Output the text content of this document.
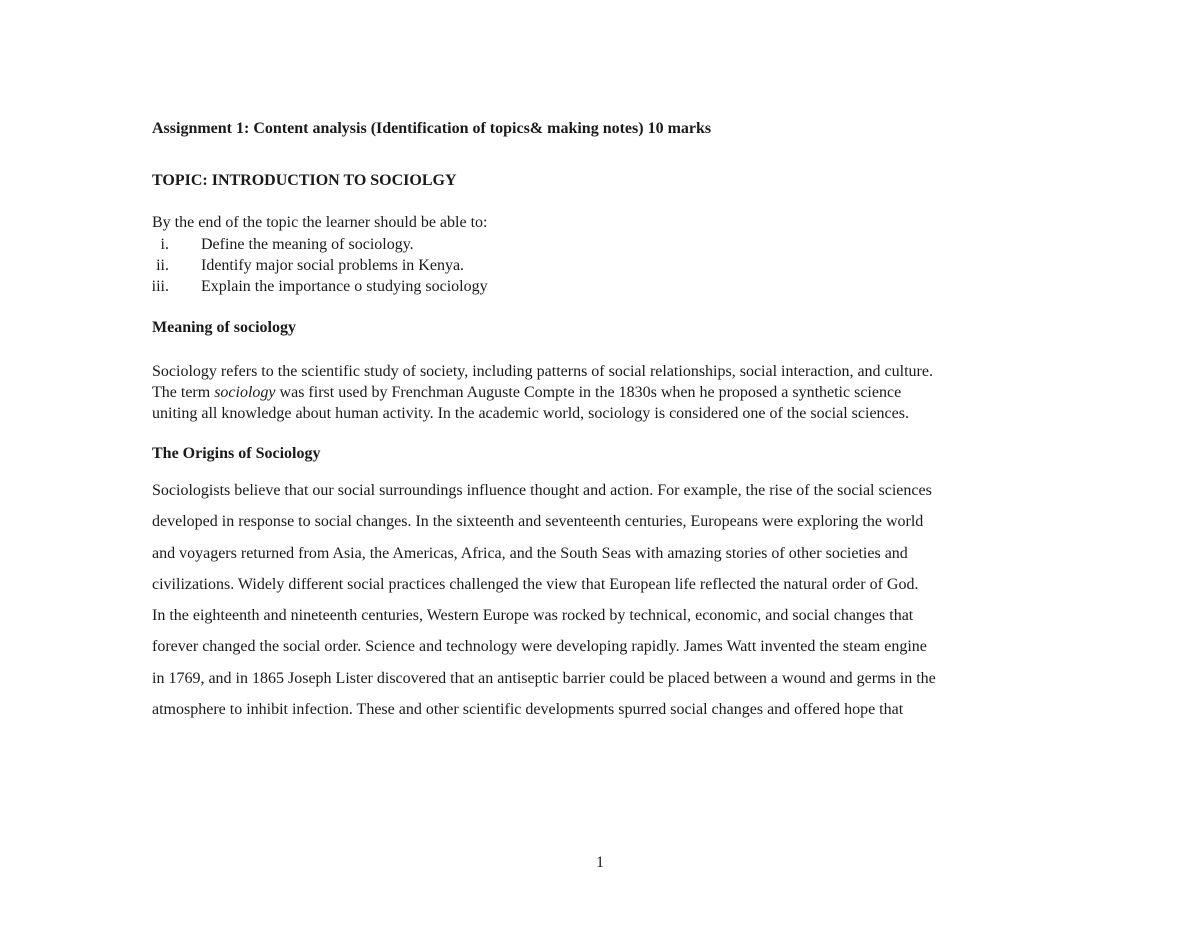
Assignment 1: Content analysis (Identification of topics& making notes) 10 marks
TOPIC: INTRODUCTION TO SOCIOLGY
By the end of the topic the learner should be able to:
i. Define the meaning of sociology.
ii. Identify major social problems in Kenya.
iii. Explain the importance o studying sociology
Meaning of sociology
Sociology refers to the scientific study of society, including patterns of social relationships, social interaction, and culture.
The term sociology was first used by Frenchman Auguste Compte in the 1830s when he proposed a synthetic science
uniting all knowledge about human activity. In the academic world, sociology is considered one of the social sciences.
The Origins of Sociology
Sociologists believe that our social surroundings influence thought and action. For example, the rise of the social sciences
developed in response to social changes. In the sixteenth and seventeenth centuries, Europeans were exploring the world
and voyagers returned from Asia, the Americas, Africa, and the South Seas with amazing stories of other societies and
civilizations. Widely different social practices challenged the view that European life reflected the natural order of God.
In the eighteenth and nineteenth centuries, Western Europe was rocked by technical, economic, and social changes that
forever changed the social order. Science and technology were developing rapidly. James Watt invented the steam engine
in 1769, and in 1865 Joseph Lister discovered that an antiseptic barrier could be placed between a wound and germs in the
atmosphere to inhibit infection. These and other scientific developments spurred social changes and offered hope that
1
